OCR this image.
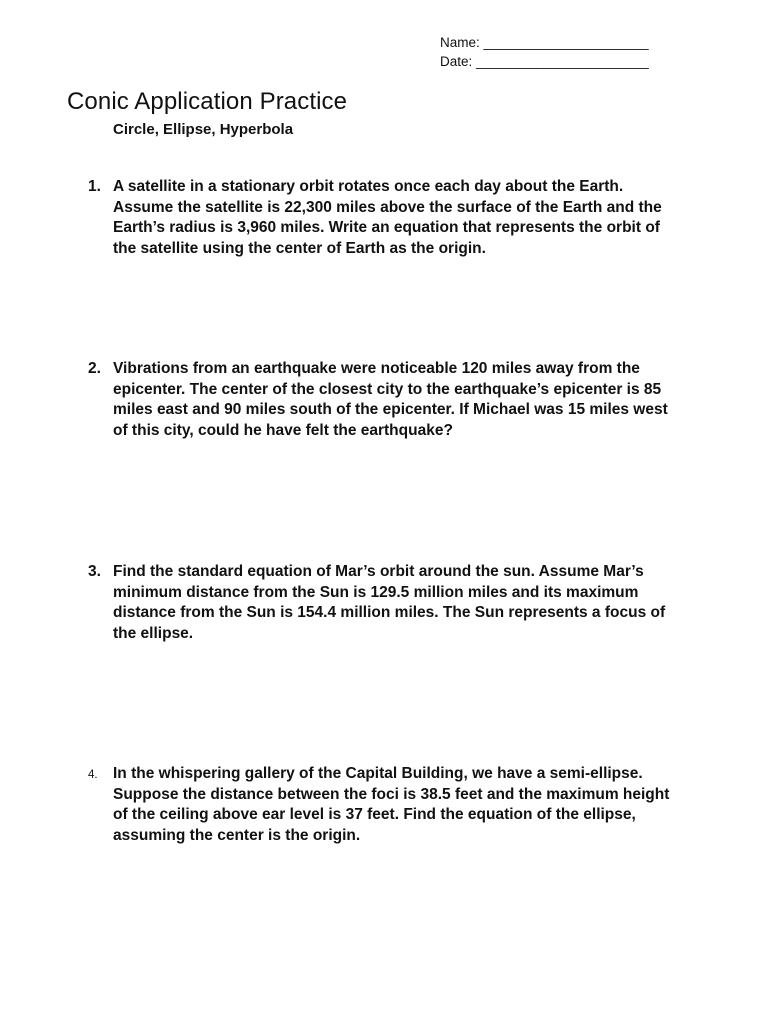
Name: ______________________
Date: _______________________
Conic Application Practice
Circle, Ellipse, Hyperbola
1. A satellite in a stationary orbit rotates once each day about the Earth.
Assume the satellite is 22,300 miles above the surface of the Earth and the
Earth’s radius is 3,960 miles. Write an equation that represents the orbit of
the satellite using the center of Earth as the origin.
2. Vibrations from an earthquake were noticeable 120 miles away from the
epicenter. The center of the closest city to the earthquake’s epicenter is 85
miles east and 90 miles south of the epicenter. If Michael was 15 miles west
of this city, could he have felt the earthquake?
3. Find the standard equation of Mar’s orbit around the sun. Assume Mar’s
minimum distance from the Sun is 129.5 million miles and its maximum
distance from the Sun is 154.4 million miles. The Sun represents a focus of
the ellipse.
4. In the whispering gallery of the Capital Building, we have a semi-ellipse.
Suppose the distance between the foci is 38.5 feet and the maximum height
of the ceiling above ear level is 37 feet. Find the equation of the ellipse,
assuming the center is the origin.
